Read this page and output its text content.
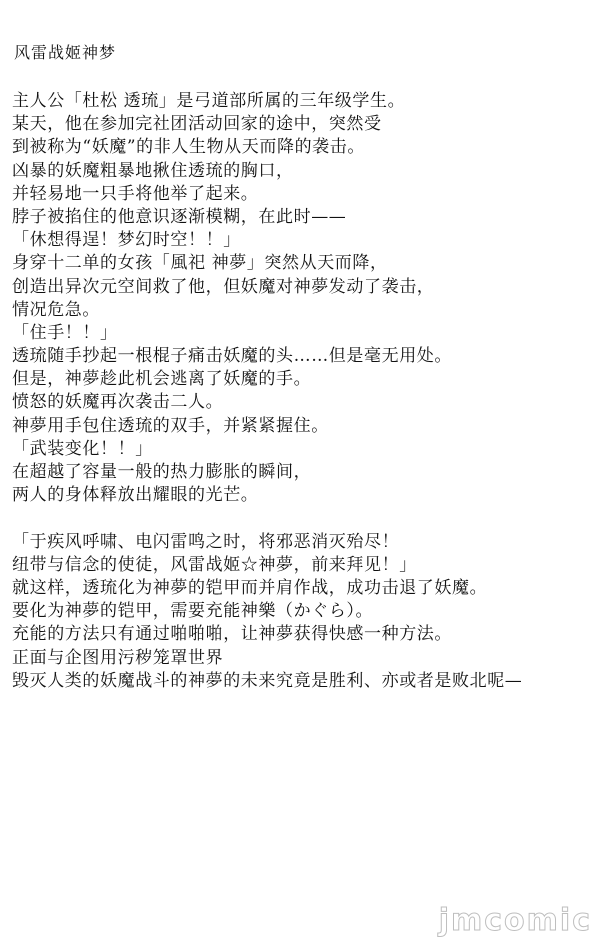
风雷战姬神梦
主人公「杜松 透琉」是弓道部所属的三年级学生。
某天，他在参加完社团活动回家的途中，突然受
到被称为“妖魔”的非人生物从天而降的袭击。
凶暴的妖魔粗暴地揪住透琉的胸口，
并轻易地一只手将他举了起来。
脖子被掐住的他意识逐渐模糊，在此时——
「休想得逞！梦幻时空！！」
身穿十二单的女孩「風祀 神夢」突然从天而降，
创造出异次元空间救了他，但妖魔对神夢发动了袭击，
情况危急。
「住手！！」
透琉随手抄起一根棍子痛击妖魔的头……但是毫无用处。
但是，神夢趁此机会逃离了妖魔的手。
愤怒的妖魔再次袭击二人。
神夢用手包住透琉的双手，并紧紧握住。
「武装变化！！」
在超越了容量一般的热力膨胀的瞬间，
两人的身体释放出耀眼的光芒。
「于疾风呼啸、电闪雷鸣之时，将邪恶消灭殆尽！
纽带与信念的使徒，风雷战姬☆神夢，前来拜见！」
就这样，透琉化为神夢的铠甲而并肩作战，成功击退了妖魔。
要化为神夢的铠甲，需要充能神樂（かぐら）。
充能的方法只有通过啪啪啪，让神夢获得快感一种方法。
正面与企图用污秽笼罩世界
毁灭人类的妖魔战斗的神夢的未来究竟是胜利、亦或者是败北呢—
jmcomic
